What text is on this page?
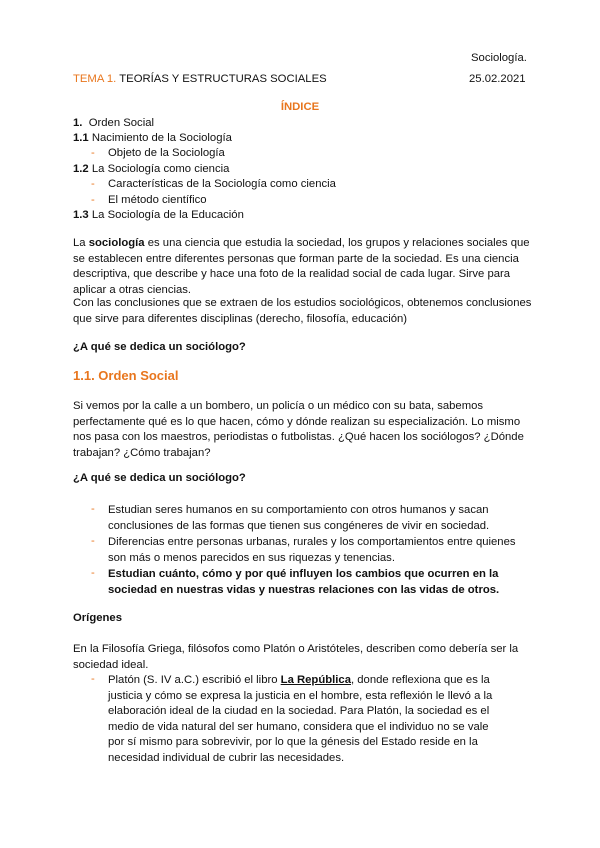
Sociología.
TEMA 1. TEORÍAS Y ESTRUCTURAS SOCIALES	25.02.2021
ÍNDICE
1. Orden Social
1.1 Nacimiento de la Sociología
- Objeto de la Sociología
1.2 La Sociología como ciencia
- Características de la Sociología como ciencia
- El método científico
1.3 La Sociología de la Educación
La sociología es una ciencia que estudia la sociedad, los grupos y relaciones sociales que se establecen entre diferentes personas que forman parte de la sociedad. Es una ciencia descriptiva, que describe y hace una foto de la realidad social de cada lugar. Sirve para aplicar a otras ciencias.
Con las conclusiones que se extraen de los estudios sociológicos, obtenemos conclusiones que sirve para diferentes disciplinas (derecho, filosofía, educación)
¿A qué se dedica un sociólogo?
1.1. Orden Social
Si vemos por la calle a un bombero, un policía o un médico con su bata, sabemos perfectamente qué es lo que hacen, cómo y dónde realizan su especialización. Lo mismo nos pasa con los maestros, periodistas o futbolistas. ¿Qué hacen los sociólogos? ¿Dónde trabajan? ¿Cómo trabajan?
¿A qué se dedica un sociólogo?
- Estudian seres humanos en su comportamiento con otros humanos y sacan conclusiones de las formas que tienen sus congéneres de vivir en sociedad.
- Diferencias entre personas urbanas, rurales y los comportamientos entre quienes son más o menos parecidos en sus riquezas y tenencias.
- Estudian cuánto, cómo y por qué influyen los cambios que ocurren en la sociedad en nuestras vidas y nuestras relaciones con las vidas de otros.
Orígenes
En la Filosofía Griega, filósofos como Platón o Aristóteles, describen como debería ser la sociedad ideal.
- Platón (S. IV a.C.) escribió el libro La República, donde reflexiona que es la justicia y cómo se expresa la justicia en el hombre, esta reflexión le llevó a la elaboración ideal de la ciudad en la sociedad. Para Platón, la sociedad es el medio de vida natural del ser humano, considera que el individuo no se vale por sí mismo para sobrevivir, por lo que la génesis del Estado reside en la necesidad individual de cubrir las necesidades.
